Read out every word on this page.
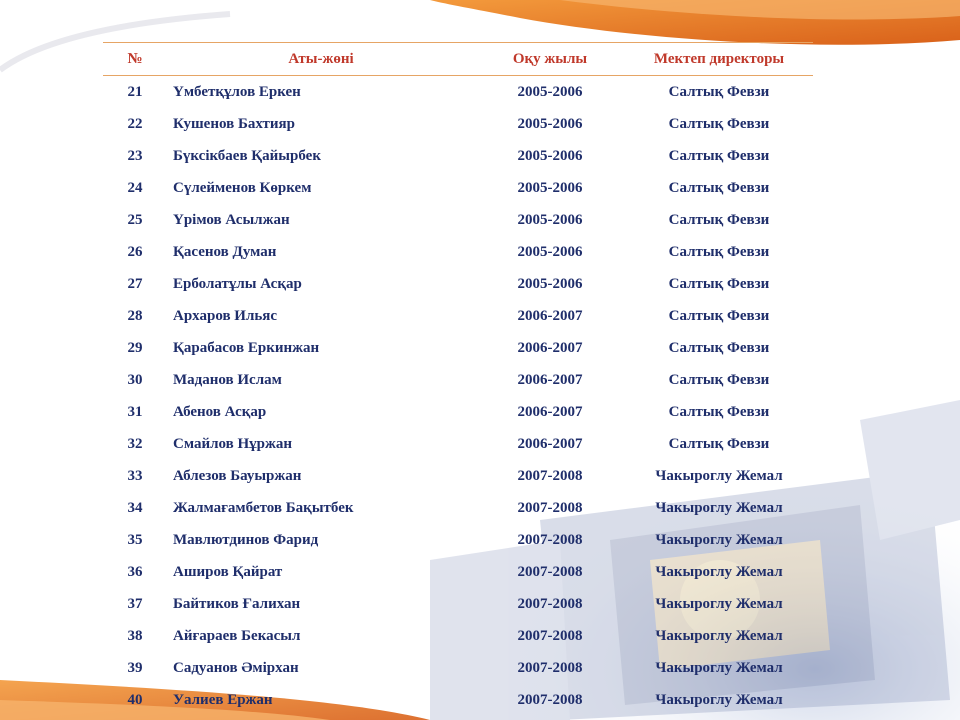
№	Аты-жөні	Оқу жылы	Мектеп директоры
21	Үмбетқұлов Еркен	2005-2006	Салтық Февзи
22	Кушенов Бахтияр	2005-2006	Салтық Февзи
23	Бүксікбаев Қайырбек	2005-2006	Салтық Февзи
24	Сүлейменов Көркем	2005-2006	Салтық Февзи
25	Үрімов Асылжан	2005-2006	Салтық Февзи
26	Қасенов Думан	2005-2006	Салтық Февзи
27	Ерболатұлы Асқар	2005-2006	Салтық Февзи
28	Архаров Ильяс	2006-2007	Салтық Февзи
29	Қарабасов Еркинжан	2006-2007	Салтық Февзи
30	Маданов Ислам	2006-2007	Салтық Февзи
31	Абенов Асқар	2006-2007	Салтық Февзи
32	Смайлов Нұржан	2006-2007	Салтық Февзи
33	Аблезов Бауыржан	2007-2008	Чакыроглу Жемал
34	Жалмағамбетов Бақытбек	2007-2008	Чакыроглу Жемал
35	Мавлютдинов Фарид	2007-2008	Чакыроглу Жемал
36	Аширов Қайрат	2007-2008	Чакыроглу Жемал
37	Байтиков Ғалихан	2007-2008	Чакыроглу Жемал
38	Айғараев Бекасыл	2007-2008	Чакыроглу Жемал
39	Садуанов Әмірхан	2007-2008	Чакыроглу Жемал
40	Уалиев Ержан	2007-2008	Чакыроглу Жемал
